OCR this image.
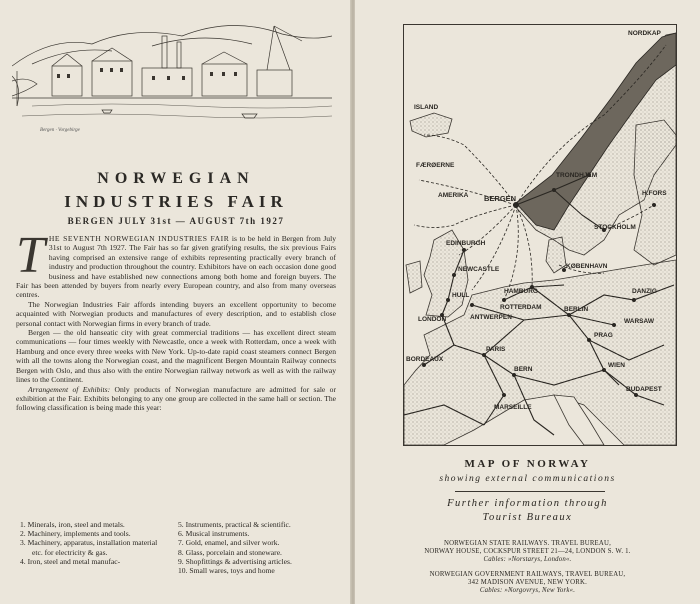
Bergen · Vorgebirge
NORWEGIAN
INDUSTRIES FAIR
BERGEN JULY 31st — AUGUST 7th 1927

T HE SEVENTH NORWEGIAN INDUSTRIES FAIR is to be held in Bergen from July 31st to August 7th 1927. The Fair has so far given gratifying results, the six previous Fairs having comprised an extensive range of exhibits representing practically every branch of industry and production throughout the country. Exhibitors have on each occasion done good business and have established new connections among both home and foreign buyers. The Fair has been attended by buyers from nearly every European country, and also from many overseas centres.

The Norwegian Industries Fair affords intending buyers an excellent opportunity to become acquainted with Norwegian products and manufactures of every description, and to establish close personal contact with Norwegian firms in every branch of trade.

Bergen — the old hanseatic city with great commercial traditions — has excellent direct steam communications — four times weekly with Newcastle, once a week with Rotterdam, once a week with Hamburg and once every three weeks with New York. Up-to-date rapid coast steamers connect Bergen with all the towns along the Norwegian coast, and the magnificent Bergen Mountain Railway connects Bergen with Oslo, and thus also with the entire Norwegian railway network as well as with the railway lines to the Continent.

Arrangement of Exhibits: Only products of Norwegian manufacture are admitted for sale or exhibition at the Fair. Exhibits belonging to any one group are collected in the same hall or section. The following classification is being made this year:

1. Minerals, iron, steel and metals.
2. Machinery, implements and tools.
3. Machinery, apparatus, installation material etc. for electricity & gas.
4. Iron, steel and metal manufac-
5. Instruments, practical & scientific.
6. Musical instruments.
7. Gold, enamel, and silver work.
8. Glass, porcelain and stoneware.
9. Shopfittings & advertising articles.
10. Small wares, toys and home
NORDKAP
ISLAND
FÆRØERNE
AMERIKA
TRONDHJEM
BERGEN
H.FORS
STOCKHOLM
EDINBURGH
NEWCASTLE
HULL
KØBENHAVN
DANZIG
LONDON
HAMBURG
ROTTERDAM
ANTWERPEN
BERLIN
WARSAW
PARIS
PRAG
BORDEAUX
BERN
WIEN
BUDAPEST
MARSEILLE
MAP OF NORWAY
showing external communications
Further information through
Tourist Bureaux
NORWEGIAN STATE RAILWAYS. TRAVEL BUREAU,
NORWAY HOUSE, COCKSPUR STREET 21—24, LONDON S. W. 1.
Cables: »Norstarys, London«.
NORWEGIAN GOVERNMENT RAILWAYS, TRAVEL BUREAU,
342 MADISON AVENUE, NEW YORK.
Cables: »Norgovrys, New York«.
